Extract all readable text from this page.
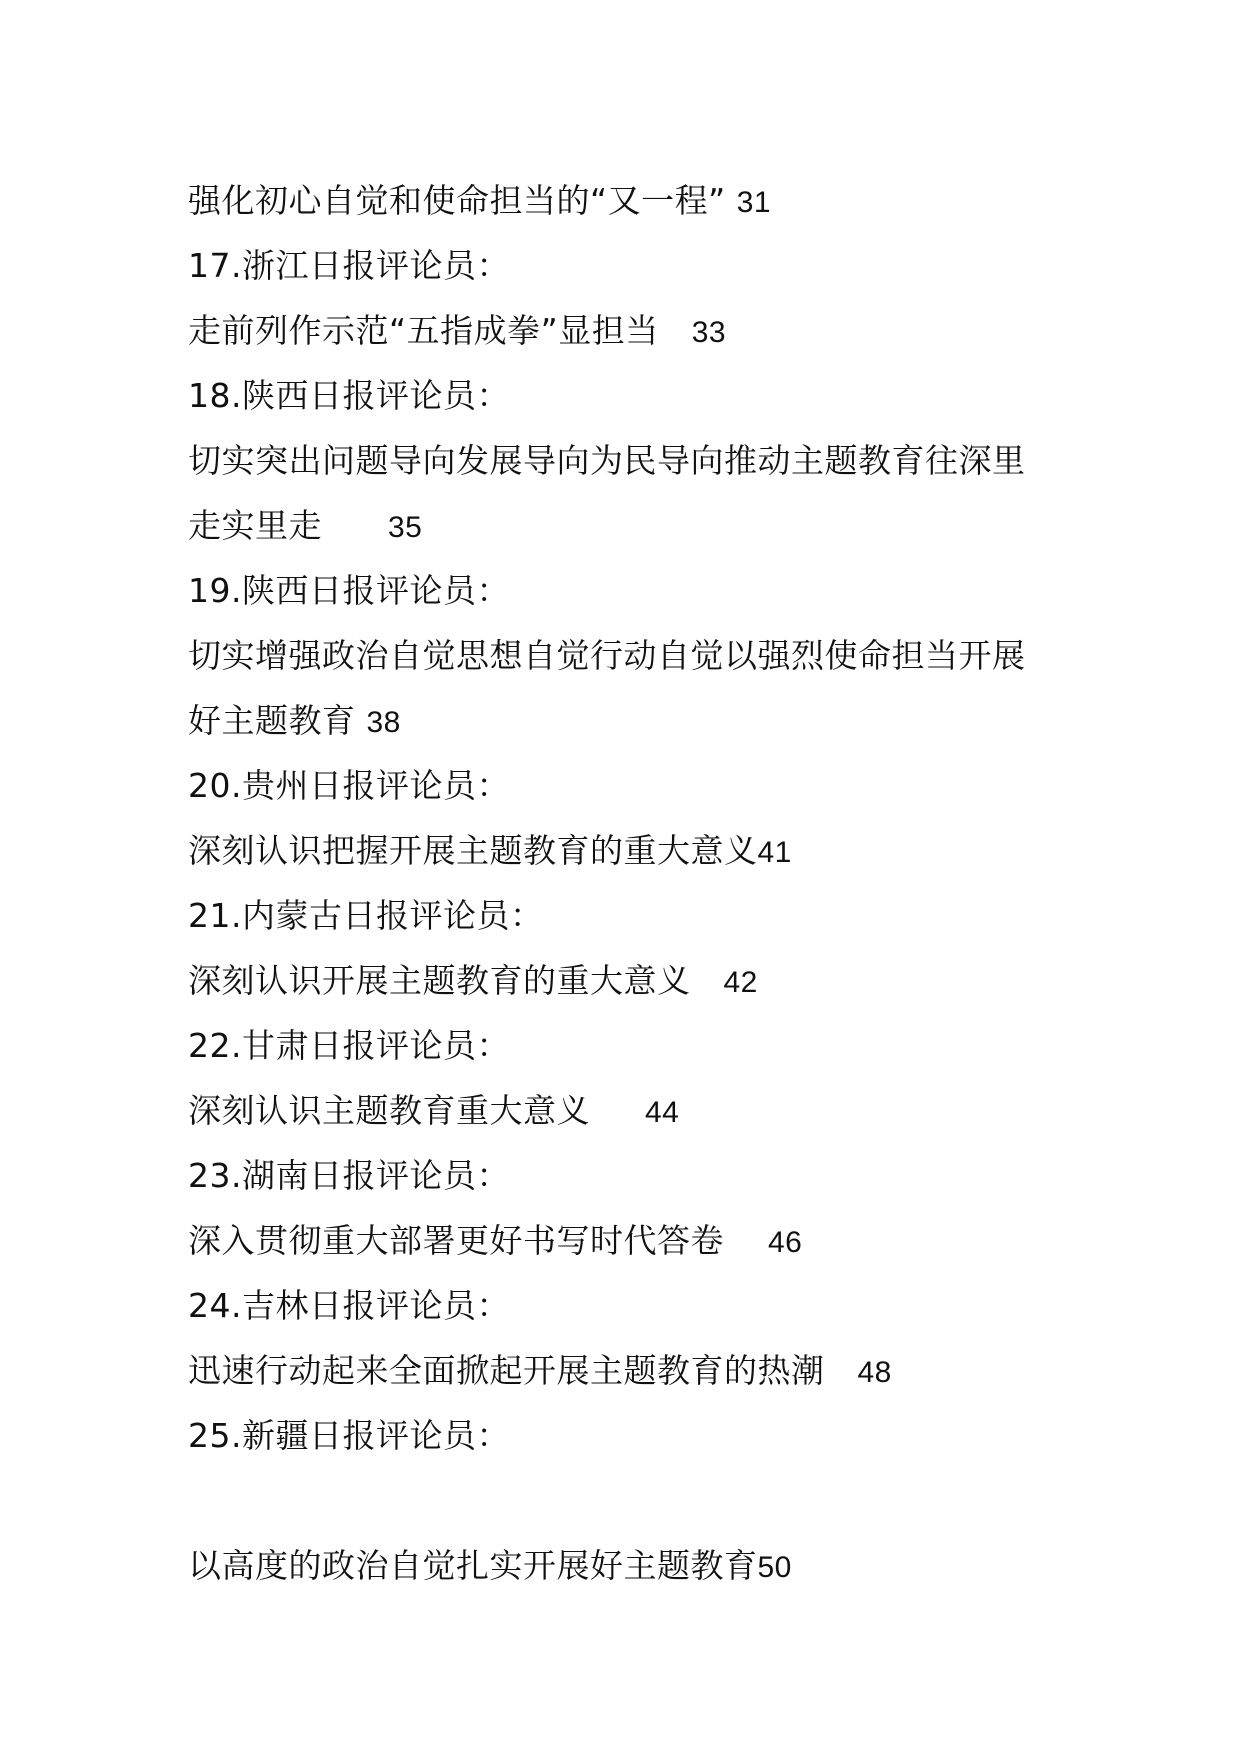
强化初心自觉和使命担当的“又一程” 31
17.浙江日报评论员：
走前列作示范“五指成拳”显担当 33
18.陕西日报评论员：
切实突出问题导向发展导向为民导向推动主题教育往深里
走实里走 35
19.陕西日报评论员：
切实增强政治自觉思想自觉行动自觉以强烈使命担当开展
好主题教育 38
20.贵州日报评论员：
深刻认识把握开展主题教育的重大意义41
21.内蒙古日报评论员：
深刻认识开展主题教育的重大意义 42
22.甘肃日报评论员：
深刻认识主题教育重大意义 44
23.湖南日报评论员：
深入贯彻重大部署更好书写时代答卷 46
24.吉林日报评论员：
迅速行动起来全面掀起开展主题教育的热潮 48
25.新疆日报评论员：
以高度的政治自觉扎实开展好主题教育50
